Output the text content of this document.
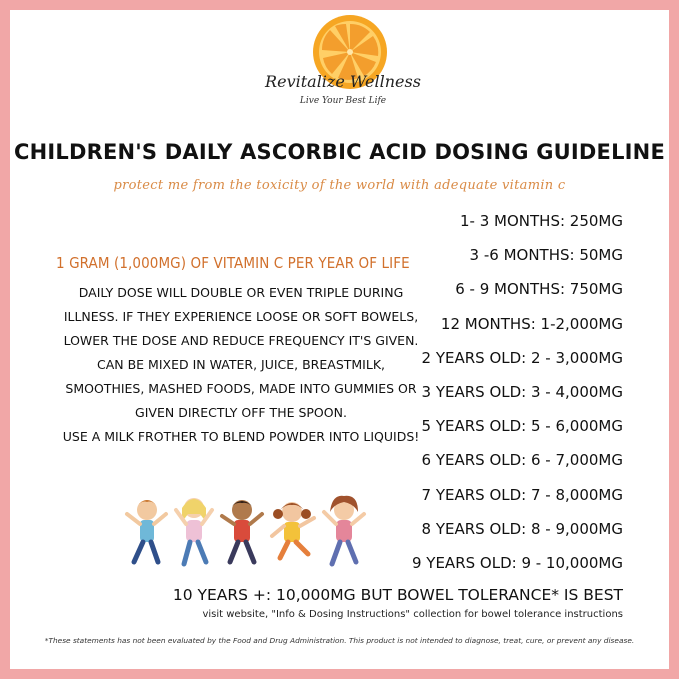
Revitalize Wellness
Live Your Best Life
CHILDREN'S DAILY ASCORBIC ACID DOSING GUIDELINE
protect me from the toxicity of the world with adequate vitamin c
1 GRAM (1,000MG) OF VITAMIN C PER YEAR OF LIFE
DAILY DOSE WILL DOUBLE OR EVEN TRIPLE DURING
ILLNESS. IF THEY EXPERIENCE LOOSE OR SOFT BOWELS,
LOWER THE DOSE AND REDUCE FREQUENCY IT'S GIVEN.
CAN BE MIXED IN WATER, JUICE, BREASTMILK,
SMOOTHIES, MASHED FOODS, MADE INTO GUMMIES OR
GIVEN DIRECTLY OFF THE SPOON.
USE A MILK FROTHER TO BLEND POWDER INTO LIQUIDS!
1- 3 MONTHS: 250MG
3 -6 MONTHS: 50MG
6 - 9 MONTHS: 750MG
12 MONTHS: 1-2,000MG
2 YEARS OLD: 2 - 3,000MG
3 YEARS OLD: 3 - 4,000MG
5 YEARS OLD: 5 - 6,000MG
6 YEARS OLD: 6 - 7,000MG
7 YEARS OLD: 7 - 8,000MG
8 YEARS OLD: 8 - 9,000MG
9 YEARS OLD: 9 - 10,000MG
10 YEARS +: 10,000MG BUT BOWEL TOLERANCE* IS BEST
visit website, "Info & Dosing Instructions" collection for bowel tolerance instructions
*These statements has not been evaluated by the Food and Drug Administration. This product is not intended to diagnose, treat, cure, or prevent any disease.
